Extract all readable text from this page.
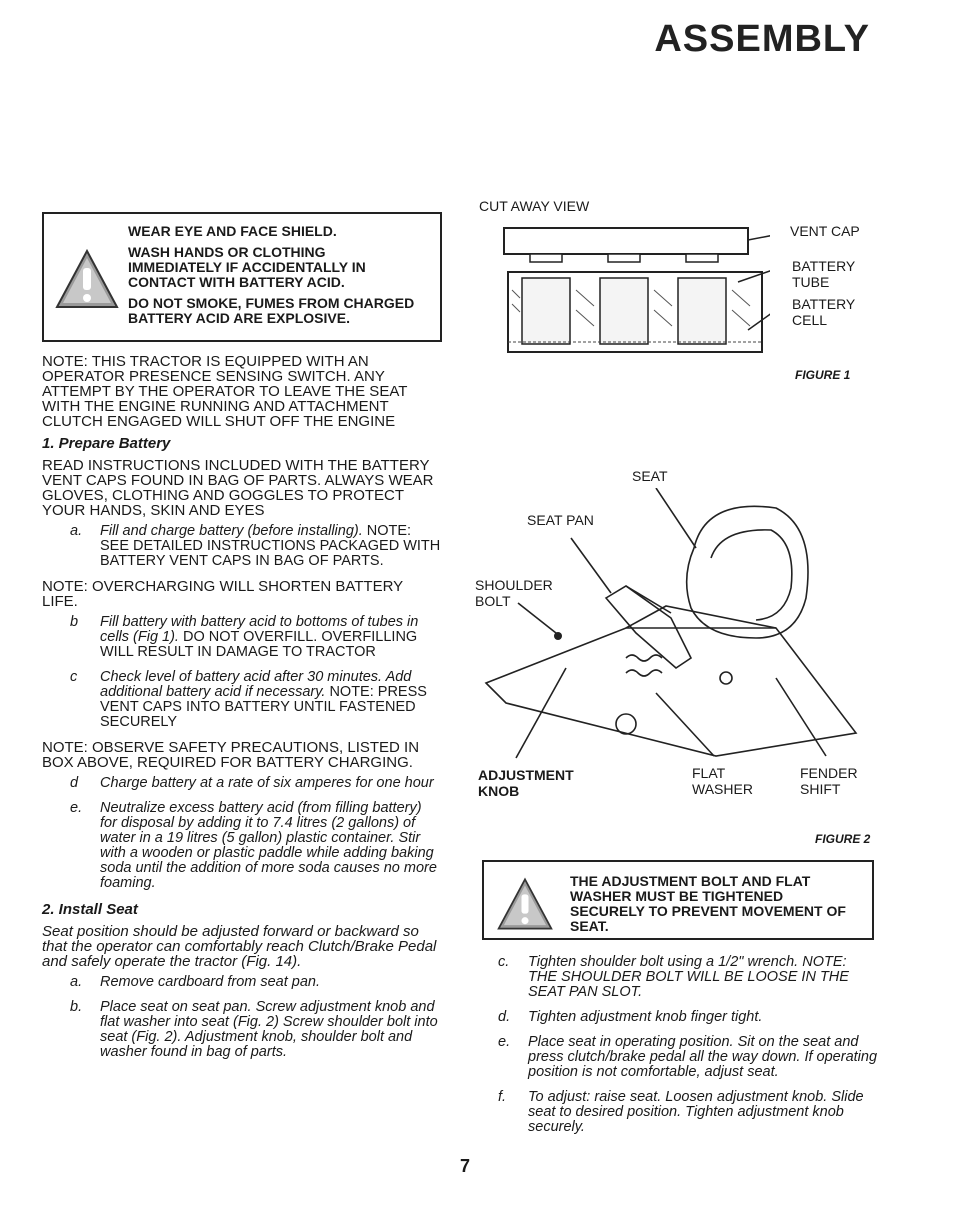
ASSEMBLY

WEAR EYE AND FACE SHIELD.

WASH HANDS OR CLOTHING IMMEDIATELY IF ACCIDENTALLY IN CONTACT WITH BATTERY ACID.

DO NOT SMOKE, FUMES FROM CHARGED BATTERY ACID ARE EXPLOSIVE.

NOTE: THIS TRACTOR IS EQUIPPED WITH AN OPERATOR PRESENCE SENSING SWITCH. ANY ATTEMPT BY THE OPERATOR TO LEAVE THE SEAT WITH THE ENGINE RUNNING AND ATTACHMENT CLUTCH ENGAGED WILL SHUT OFF THE ENGINE

1. Prepare Battery

READ INSTRUCTIONS INCLUDED WITH THE BATTERY VENT CAPS FOUND IN BAG OF PARTS. ALWAYS WEAR GLOVES, CLOTHING AND GOGGLES TO PROTECT YOUR HANDS, SKIN AND EYES

a.	Fill and charge battery (before installing). NOTE: SEE DETAILED INSTRUCTIONS PACKAGED WITH BATTERY VENT CAPS IN BAG OF PARTS.

NOTE: OVERCHARGING WILL SHORTEN BATTERY LIFE.

b	Fill battery with battery acid to bottoms of tubes in cells (Fig 1). DO NOT OVERFILL. OVERFILLING WILL RESULT IN DAMAGE TO TRACTOR
c	Check level of battery acid after 30 minutes. Add additional battery acid if necessary. NOTE: PRESS VENT CAPS INTO BATTERY UNTIL FASTENED SECURELY

NOTE: OBSERVE SAFETY PRECAUTIONS, LISTED IN BOX ABOVE, REQUIRED FOR BATTERY CHARGING.

d	Charge battery at a rate of six amperes for one hour
e.	Neutralize excess battery acid (from filling battery) for disposal by adding it to 7.4 litres (2 gallons) of water in a 19 litres (5 gallon) plastic container. Stir with a wooden or plastic paddle while adding baking soda until the addition of more soda causes no more foaming.

2. Install Seat

Seat position should be adjusted forward or backward so that the operator can comfortably reach Clutch/Brake Pedal and safely operate the tractor (Fig. 14).

a.	Remove cardboard from seat pan.
b.	Place seat on seat pan. Screw adjustment knob and flat washer into seat (Fig. 2) Screw shoulder bolt into seat (Fig. 2). Adjustment knob, shoulder bolt and washer found in bag of parts.
CUT AWAY VIEW
VENT CAP
BATTERY TUBE
BATTERY CELL
FIGURE 1
SEAT
SEAT PAN
SHOULDER BOLT
ADJUSTMENT KNOB
FLAT WASHER
FENDER SHIFT
FIGURE 2

THE ADJUSTMENT BOLT AND FLAT WASHER MUST BE TIGHTENED SECURELY TO PREVENT MOVEMENT OF SEAT.

c.	Tighten shoulder bolt using a 1/2" wrench. NOTE: THE SHOULDER BOLT WILL BE LOOSE IN THE SEAT PAN SLOT.
d.	Tighten adjustment knob finger tight.
e.	Place seat in operating position. Sit on the seat and press clutch/brake pedal all the way down. If operating position is not comfortable, adjust seat.
f.	To adjust: raise seat. Loosen adjustment knob. Slide seat to desired position. Tighten adjustment knob securely.
7
